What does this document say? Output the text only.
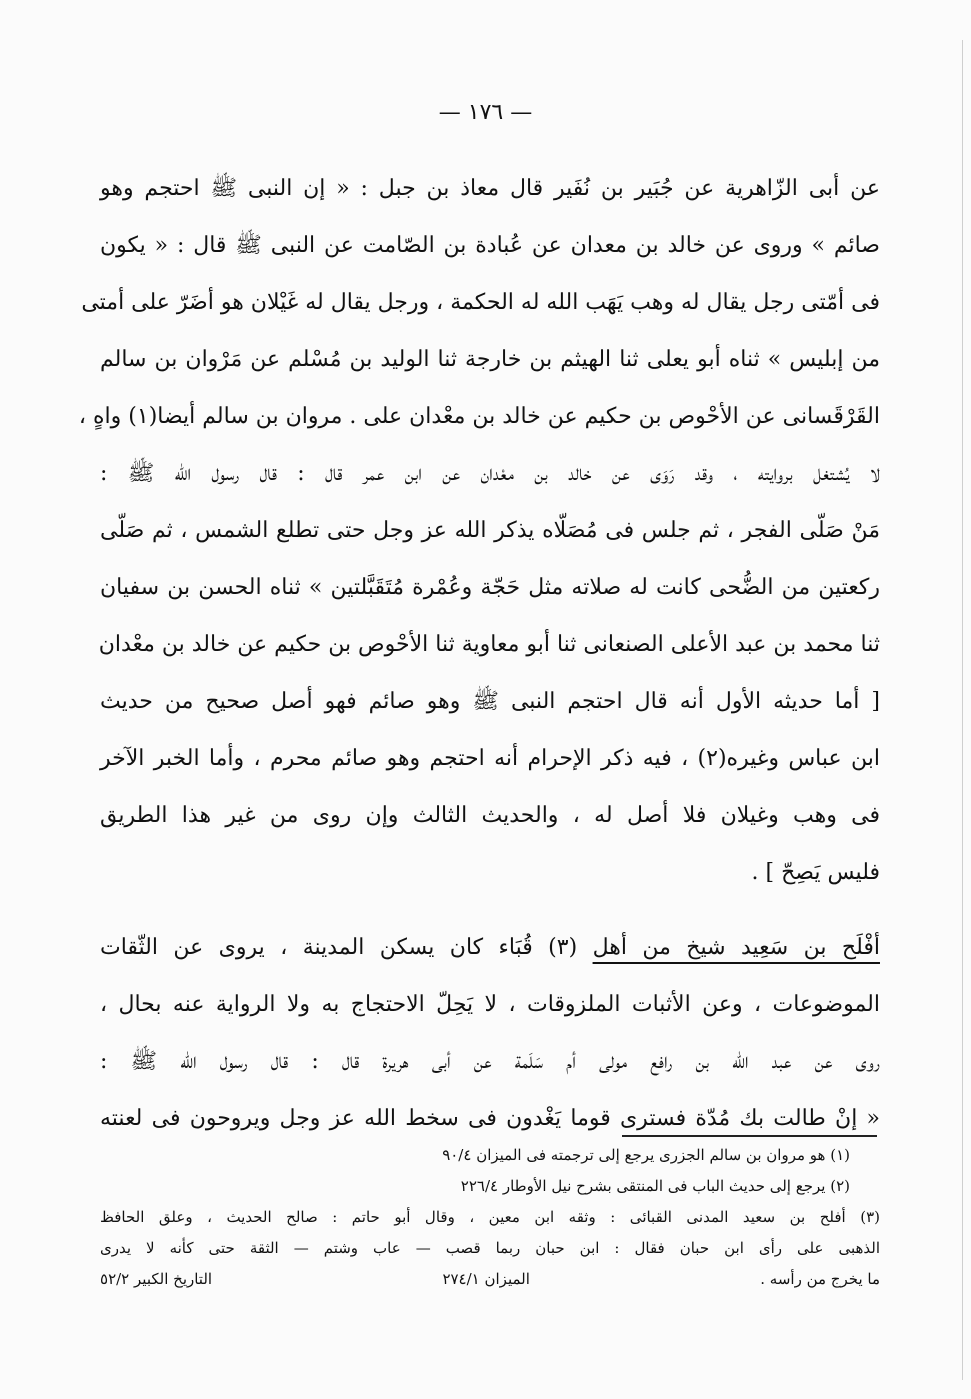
— ١٧٦ —
عن أبى الزّاهرية عن جُبَير بن نُفَير قال معاذ بن جبل : « إن النبى ﷺ احتجم وهو
صائم » وروى عن خالد بن معدان عن عُبادة بن الصّامت عن النبى ﷺ قال : « يكون
فى أمّتى رجل يقال له وهب يَهَب الله له الحكمة ، ورجل يقال له غَيْلان هو أضَرّ على أمتى
من إبليس » ثناه أبو يعلى ثنا الهيثم بن خارجة ثنا الوليد بن مُسْلم عن مَرْوان بن سالم
القَرْقَسانى عن الأحْوص بن حكيم عن خالد بن معْدان على . مروان بن سالم أيضا(١) واهٍ ،
لا يُشتغل بروايته ، وقد رَوَى عن خالد بن معْدان عن ابن عمر قال : قال رسول الله ﷺ :
مَنْ صَلّى الفجر ، ثم جلس فى مُصَلّاه يذكر الله عز وجل حتى تطلع الشمس ، ثم صَلّى
ركعتين من الضُّحى كانت له صلاته مثل حَجّة وعُمْرة مُتَقَبَّلتين » ثناه الحسن بن سفيان
ثنا محمد بن عبد الأعلى الصنعانى ثنا أبو معاوية ثنا الأحْوص بن حكيم عن خالد بن معْدان
[ أما حديثه الأول أنه قال احتجم النبى ﷺ وهو صائم فهو أصل صحيح من حديث
ابن عباس وغيره(٢) ، فيه ذكر الإحرام أنه احتجم وهو صائم محرم ، وأما الخبر الآخر
فى وهب وغيلان فلا أصل له ، والحديث الثالث وإن روى من غير هذا الطريق
فليس يَصِحّ ] .
أفْلَح بن سَعِيد شيخ من أهل (٣) قُبَاء كان يسكن المدينة ، يروى عن الثّقات
الموضوعات ، وعن الأثبات الملزوقات ، لا يَحِلّ الاحتجاج به ولا الرواية عنه بحال ،
روى عن عبد الله بن رافع مولى أم سَلَمة عن أبى هريرة قال : قال رسول الله ﷺ :
« إنْ طالت بك مُدّة فسترى قوما يَغْدون فى سخط الله عز وجل ويروحون فى لعنته
(١) هو مروان بن سالم الجزرى يرجع إلى ترجمته فى الميزان ٩٠/٤
(٢) يرجع إلى حديث الباب فى المنتقى بشرح نيل الأوطار ٢٢٦/٤
(٣) أفلح بن سعيد المدنى القبائى : وثقه ابن معين ، وقال أبو حاتم : صالح الحديث ، وعلق الحافظ
الذهبى على رأى ابن حبان فقال : ابن حبان ربما قصب — عاب وشتم — الثقة حتى كأنه لا يدرى
ما يخرج من رأسه .
الميزان ٢٧٤/١
التاريخ الكبير ٥٢/٢
